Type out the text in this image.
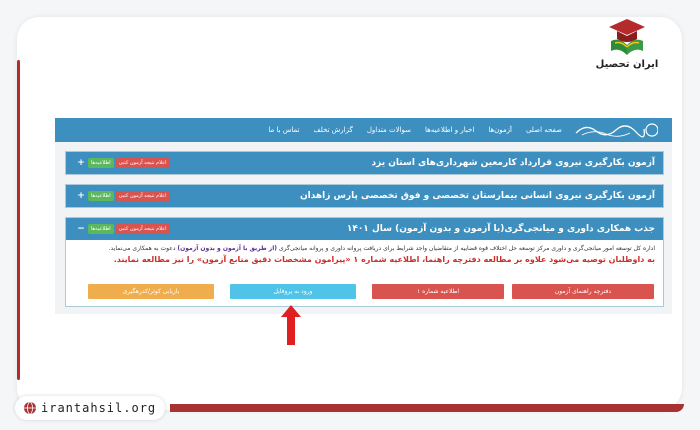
ایران تحصیل
صفحه اصلی
آزمون‌ها
اخبار و اطلاعیه‌ها
سوالات متداول
گزارش تخلف
تماس با ما
آزمون بکارگیری نیروی قرارداد کارمعین شهرداری‌های استان یزد
+	اطلاعیه‌ها	اعلام نتیجه آزمون کتبی
آزمون بکارگیری نیروی انسانی بیمارستان تخصصی و فوق تخصصی پارس زاهدان
+	اطلاعیه‌ها	اعلام نتیجه آزمون کتبی
جذب همکاری داوری و میانجی‌گری(با آزمون و بدون آزمون) سال ۱۴۰۱
−	اطلاعیه‌ها	اعلام نتیجه آزمون کتبی
اداره کل توسعه امور میانجی‌گری و داوری مرکز توسعه حل اختلاف قوه قضاییه از متقاضیان واجد شرایط برای دریافت پروانه داوری و پروانه میانجی‌گری (از طریق با آزمون و بدون آزمون) دعوت به همکاری می‌نماید.
به داوطلبان توصیه می‌شود علاوه بر مطالعه دفترچه راهنما، اطلاعیه شماره ۱ «پیرامون مشخصات دقیق منابع آزمون» را نیز مطالعه نمایند.
دفترچه راهنمای آزمون
اطلاعیه شماره ۱
ورود به پروفایل
بازیابی کوثر/کدرهگیری
irantahsil.org
